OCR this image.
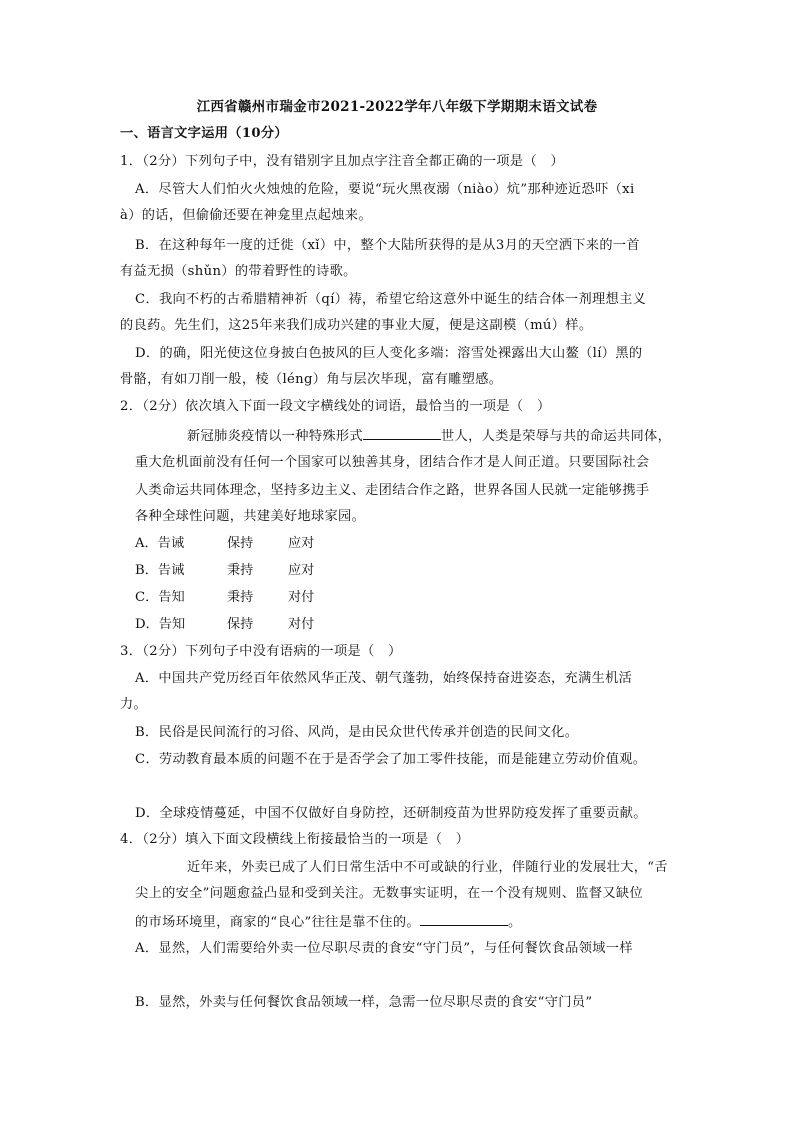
江西省赣州市瑞金市2021-2022学年八年级下学期期末语文试卷
一、语言文字运用（10分）
1．（2分）下列句子中，没有错别字且加点字注音全都正确的一项是（　）
A．尽管大人们怕火火烛烛的危险，要说“玩火黑夜溺（niào）炕”那种迹近恐吓（xi
à）的话，但偷偷还要在神龛里点起烛来。
B．在这种每年一度的迁徙（xǐ）中，整个大陆所获得的是从3月的天空洒下来的一首
有益无损（shǔn）的带着野性的诗歌。
C．我向不朽的古希腊精神祈（qí）祷，希望它给这意外中诞生的结合体一剂理想主义
的良药。先生们，这25年来我们成功兴建的事业大厦，便是这副模（mú）样。
D．的确，阳光使这位身披白色披风的巨人变化多端：溶雪处裸露出大山鳌（lí）黑的
骨骼，有如刀削一般，棱（léng）角与层次毕现，富有雕塑感。
2．（2分）依次填入下面一段文字横线处的词语，最恰当的一项是（　）
新冠肺炎疫情以一种特殊形式	世人，人类是荣辱与共的命运共同体，
重大危机面前没有任何一个国家可以独善其身，团结合作才是人间正道。只要国际社会
人类命运共同体理念，坚持多边主义、走团结合作之路，世界各国人民就一定能够携手
各种全球性问题，共建美好地球家园。
A．告诫	保持	应对
B．告诫	秉持	应对
C．告知	秉持	对付
D．告知	保持	对付
3．（2分）下列句子中没有语病的一项是（　）
A．中国共产党历经百年依然风华正茂、朝气蓬勃，始终保持奋进姿态，充满生机活
力。
B．民俗是民间流行的习俗、风尚，是由民众世代传承并创造的民间文化。
C．劳动教育最本质的问题不在于是否学会了加工零件技能，而是能建立劳动价值观。
D．全球疫情蔓延，中国不仅做好自身防控，还研制疫苗为世界防疫发挥了重要贡献。
4．（2分）填入下面文段横线上衔接最恰当的一项是（　）
近年来，外卖已成了人们日常生活中不可或缺的行业，伴随行业的发展壮大，“舌
尖上的安全”问题愈益凸显和受到关注。无数事实证明，在一个没有规则、监督又缺位
的市场环境里，商家的“良心”往往是靠不住的。	。
A．显然，人们需要给外卖一位尽职尽责的食安“守门员”，与任何餐饮食品领域一样
B．显然，外卖与任何餐饮食品领域一样，急需一位尽职尽责的食安“守门员”
